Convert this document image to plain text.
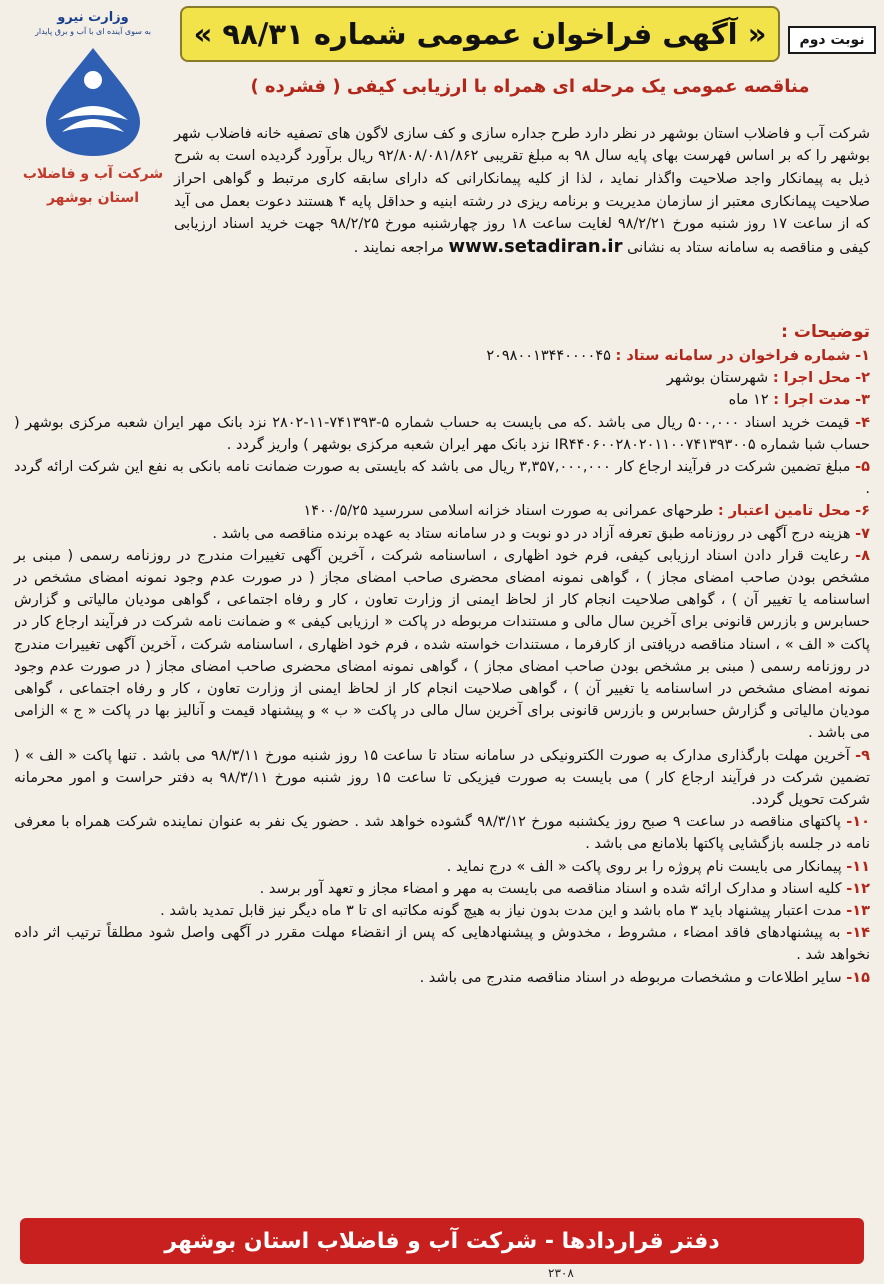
وزارت نیرو
به سوی آینده ای با آب و برق پایدار
شرکت آب و فاضلاب
استان بوشهر
« آگهی فراخوان عمومی شماره ۹۸/۳۱ »	نوبت دوم
مناقصه عمومی یک مرحله ای همراه با ارزیابی کیفی ( فشرده )

شرکت آب و فاضلاب استان بوشهر در نظر دارد طرح جداره سازی و کف سازی لاگون های تصفیه خانه فاضلاب شهر بوشهر را که بر اساس فهرست بهای پایه سال ۹۸ به مبلغ تقریبی ۹۲/۸۰۸/۰۸۱/۸۶۲ ریال برآورد گردیده است به شرح ذیل به پیمانکار واجد صلاحیت واگذار نماید ، لذا از کلیه پیمانکارانی که دارای سابقه کاری مرتبط و گواهی احراز صلاحیت پیمانکاری معتبر از سازمان مدیریت و برنامه ریزی در رشته ابنیه و حداقل پایه ۴ هستند دعوت بعمل می آید که از ساعت ۱۷ روز شنبه مورخ ۹۸/۲/۲۱ لغایت ساعت ۱۸ روز چهارشنبه مورخ ۹۸/۲/۲۵ جهت خرید اسناد ارزیابی کیفی و مناقصه به سامانه ستاد به نشانی www.setadiran.ir مراجعه نمایند .

توضیحات :

۱- شماره فراخوان در سامانه ستاد : ۲۰۹۸۰۰۱۳۴۴۰۰۰۰۴۵

۲- محل اجرا : شهرستان بوشهر

۳- مدت اجرا : ۱۲ ماه

۴- قیمت خرید اسناد ۵۰۰,۰۰۰ ریال می باشد .که می بایست به حساب شماره ۵-۷۴۱۳۹۳-۱۱-۲۸۰۲ نزد بانک مهر ایران شعبه مرکزی بوشهر ( حساب شبا شماره IR۴۴۰۶۰۰۲۸۰۲۰۱۱۰۰۷۴۱۳۹۳۰۰۵ نزد بانک مهر ایران شعبه مرکزی بوشهر ) واریز گردد .

۵- مبلغ تضمین شرکت در فرآیند ارجاع کار ۳,۳۵۷,۰۰۰,۰۰۰ ریال می باشد که بایستی به صورت ضمانت نامه بانکی به نفع این شرکت ارائه گردد .

۶- محل تامین اعتبار : طرحهای عمرانی به صورت اسناد خزانه اسلامی سررسید ۱۴۰۰/۵/۲۵

۷- هزینه درج آگهی در روزنامه طبق تعرفه آزاد در دو نوبت و در سامانه ستاد به عهده برنده مناقصه می باشد .

۸- رعایت قرار دادن اسناد ارزیابی کیفی، فرم خود اظهاری ، اساسنامه شرکت ، آخرین آگهی تغییرات مندرج در روزنامه رسمی ( مبنی بر مشخص بودن صاحب امضای مجاز ) ، گواهی نمونه امضای محضری صاحب امضای مجاز ( در صورت عدم وجود نمونه امضای مشخص در اساسنامه یا تغییر آن ) ، گواهی صلاحیت انجام کار از لحاظ ایمنی از وزارت تعاون ، کار و رفاه اجتماعی ، گواهی مودیان مالیاتی و گزارش حسابرس و بازرس قانونی برای آخرین سال مالی و مستندات مربوطه در پاکت « ارزیابی کیفی » و ضمانت نامه شرکت در فرآیند ارجاع کار در پاکت « الف » ، اسناد مناقصه دریافتی از کارفرما ، مستندات خواسته شده ، فرم خود اظهاری ، اساسنامه شرکت ، آخرین آگهی تغییرات مندرج در روزنامه رسمی ( مبنی بر مشخص بودن صاحب امضای مجاز ) ، گواهی نمونه امضای محضری صاحب امضای مجاز ( در صورت عدم وجود نمونه امضای مشخص در اساسنامه یا تغییر آن ) ، گواهی صلاحیت انجام کار از لحاظ ایمنی از وزارت تعاون ، کار و رفاه اجتماعی ، گواهی مودیان مالیاتی و گزارش حسابرس و بازرس قانونی برای آخرین سال مالی در پاکت « ب » و پیشنهاد قیمت و آنالیز بها در پاکت « ج » الزامی می باشد .

۹- آخرین مهلت بارگذاری مدارک به صورت الکترونیکی در سامانه ستاد تا ساعت ۱۵ روز شنبه مورخ ۹۸/۳/۱۱ می باشد . تنها پاکت « الف » ( تضمین شرکت در فرآیند ارجاع کار ) می بایست به صورت فیزیکی تا ساعت ۱۵ روز شنبه مورخ ۹۸/۳/۱۱ به دفتر حراست و امور محرمانه شرکت تحویل گردد.

۱۰- پاکتهای مناقصه در ساعت ۹ صبح روز یکشنبه مورخ ۹۸/۳/۱۲ گشوده خواهد شد . حضور یک نفر به عنوان نماینده شرکت همراه با معرفی نامه در جلسه بازگشایی پاکتها بلامانع می باشد .

۱۱- پیمانکار می بایست نام پروژه را بر روی پاکت « الف » درج نماید .

۱۲- کلیه اسناد و مدارک ارائه شده و اسناد مناقصه می بایست به مهر و امضاء مجاز و تعهد آور برسد .

۱۳- مدت اعتبار پیشنهاد باید ۳ ماه باشد و این مدت بدون نیاز به هیچ گونه مکاتبه ای تا ۳ ماه دیگر نیز قابل تمدید باشد .

۱۴- به پیشنهادهای فاقد امضاء ، مشروط ، مخدوش و پیشنهادهایی که پس از انقضاء مهلت مقرر در آگهی واصل شود مطلقاً ترتیب اثر داده نخواهد شد .

۱۵- سایر اطلاعات و مشخصات مربوطه در اسناد مناقصه مندرج می باشد .

دفتر قراردادها - شرکت آب و فاضلاب استان بوشهر
۲۳۰۸
